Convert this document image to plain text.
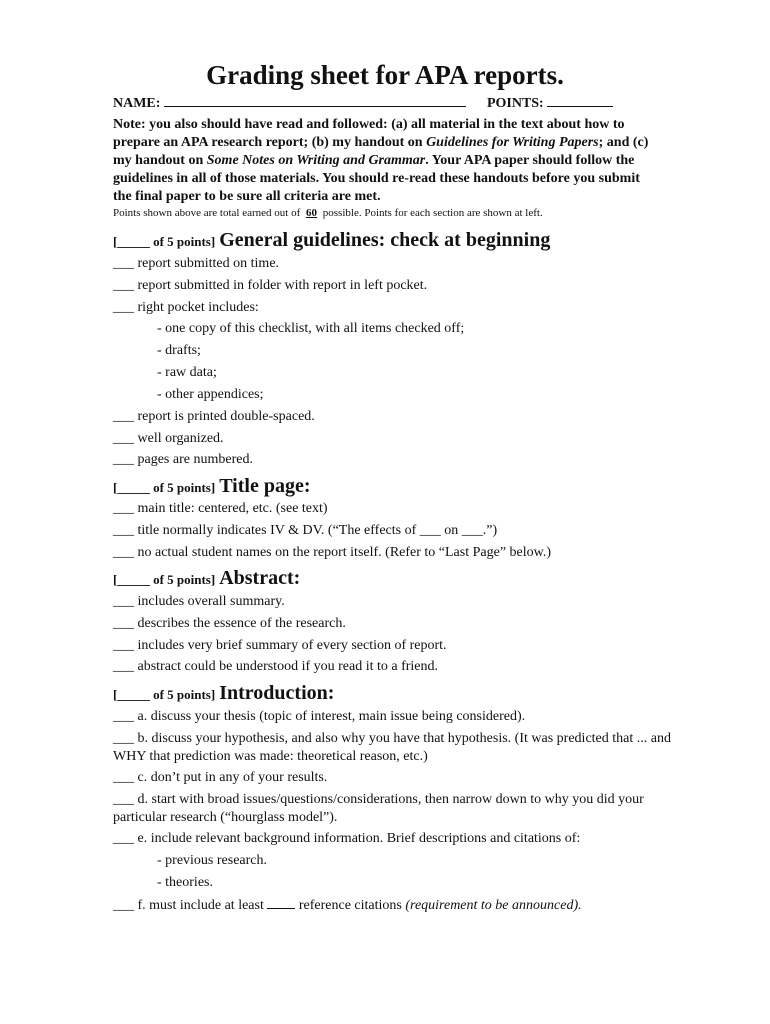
Grading sheet for APA reports.
NAME:	POINTS:

Note: you also should have read and followed: (a) all material in the text about how to prepare an APA research report; (b) my handout on Guidelines for Writing Papers; and (c) my handout on Some Notes on Writing and Grammar. Your APA paper should follow the guidelines in all of those materials. You should re-read these handouts before you submit the final paper to be sure all criteria are met.

Points shown above are total earned out of 60 possible. Points for each section are shown at left.
[_____ of 5 points] General guidelines: check at beginning
___ report submitted on time.
___ report submitted in folder with report in left pocket.
___ right pocket includes:
- one copy of this checklist, with all items checked off;
- drafts;
- raw data;
- other appendices;
___ report is printed double-spaced.
___ well organized.
___ pages are numbered.
[_____ of 5 points] Title page:
___ main title: centered, etc. (see text)
___ title normally indicates IV & DV. (“The effects of ___ on ___.”)
___ no actual student names on the report itself. (Refer to “Last Page” below.)
[_____ of 5 points] Abstract:
___ includes overall summary.
___ describes the essence of the research.
___ includes very brief summary of every section of report.
___ abstract could be understood if you read it to a friend.
[_____ of 5 points] Introduction:
___ a. discuss your thesis (topic of interest, main issue being considered).
___ b. discuss your hypothesis, and also why you have that hypothesis. (It was predicted that ... and WHY that prediction was made: theoretical reason, etc.)
___ c. don’t put in any of your results.
___ d. start with broad issues/questions/considerations, then narrow down to why you did your particular research (“hourglass model”).
___ e. include relevant background information. Brief descriptions and citations of:
- previous research.
- theories.
___ f. must include at least	reference citations (requirement to be announced).
